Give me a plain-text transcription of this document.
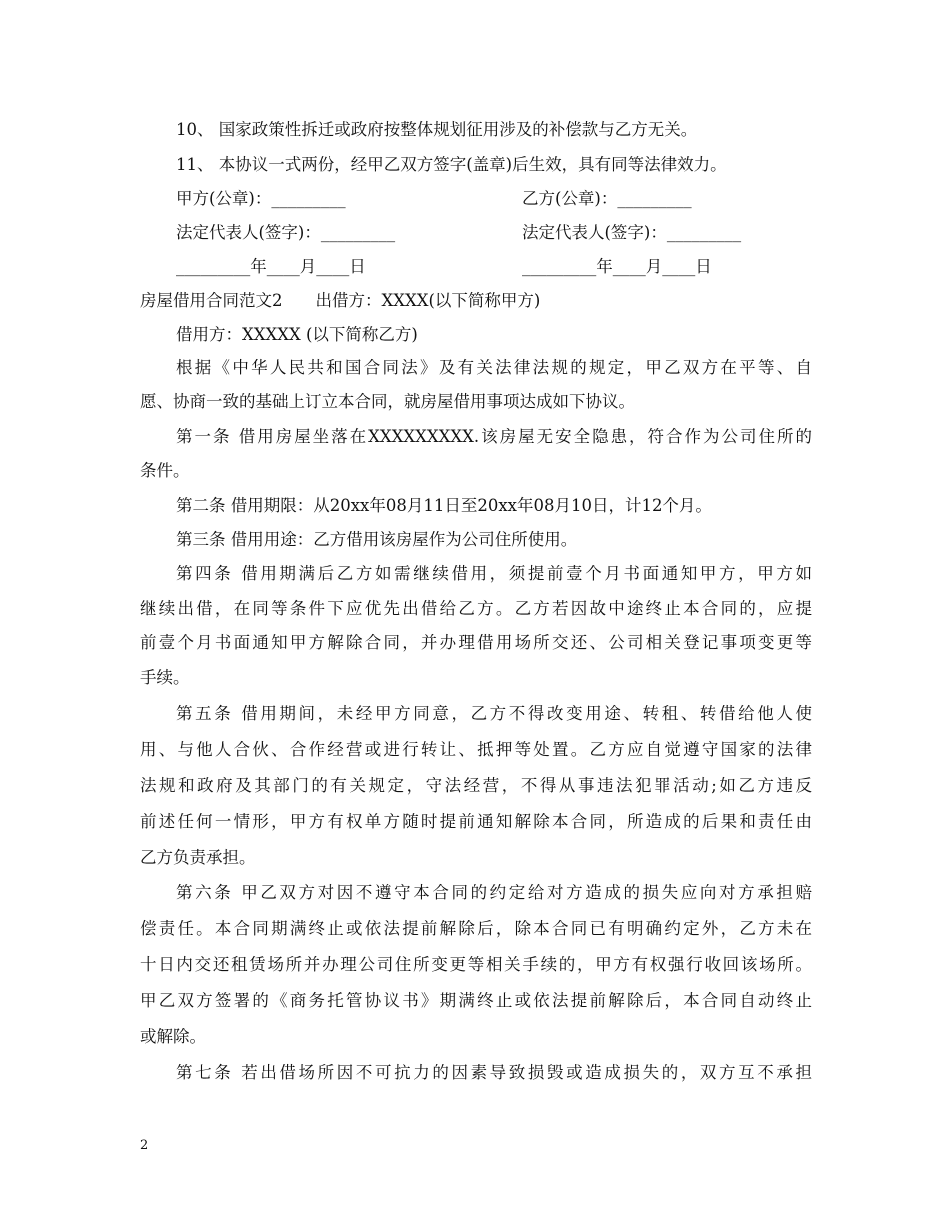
10、 国家政策性拆迁或政府按整体规划征用涉及的补偿款与乙方无关。
11、 本协议一式两份，经甲乙双方签字(盖章)后生效，具有同等法律效力。
甲方(公章)：_________	乙方(公章)：_________
法定代表人(签字)：_________	法定代表人(签字)：_________
_________年____月____日	_________年____月____日
房屋借用合同范文2　　出借方：XXXX(以下简称甲方)
借用方：XXXXX (以下简称乙方)
根据《中华人民共和国合同法》及有关法律法规的规定，甲乙双方在平等、自
愿、协商一致的基础上订立本合同，就房屋借用事项达成如下协议。
第一条 借用房屋坐落在XXXXXXXXX.该房屋无安全隐患，符合作为公司住所的
条件。
第二条 借用期限：从20xx年08月11日至20xx年08月10日，计12个月。
第三条 借用用途：乙方借用该房屋作为公司住所使用。
第四条 借用期满后乙方如需继续借用，须提前壹个月书面通知甲方，甲方如
继续出借，在同等条件下应优先出借给乙方。乙方若因故中途终止本合同的，应提
前壹个月书面通知甲方解除合同，并办理借用场所交还、公司相关登记事项变更等
手续。
第五条 借用期间，未经甲方同意，乙方不得改变用途、转租、转借给他人使
用、与他人合伙、合作经营或进行转让、抵押等处置。乙方应自觉遵守国家的法律
法规和政府及其部门的有关规定，守法经营，不得从事违法犯罪活动;如乙方违反
前述任何一情形，甲方有权单方随时提前通知解除本合同，所造成的后果和责任由
乙方负责承担。
第六条 甲乙双方对因不遵守本合同的约定给对方造成的损失应向对方承担赔
偿责任。本合同期满终止或依法提前解除后，除本合同已有明确约定外，乙方未在
十日内交还租赁场所并办理公司住所变更等相关手续的，甲方有权强行收回该场所。
甲乙双方签署的《商务托管协议书》期满终止或依法提前解除后，本合同自动终止
或解除。
第七条 若出借场所因不可抗力的因素导致损毁或造成损失的，双方互不承担
2
